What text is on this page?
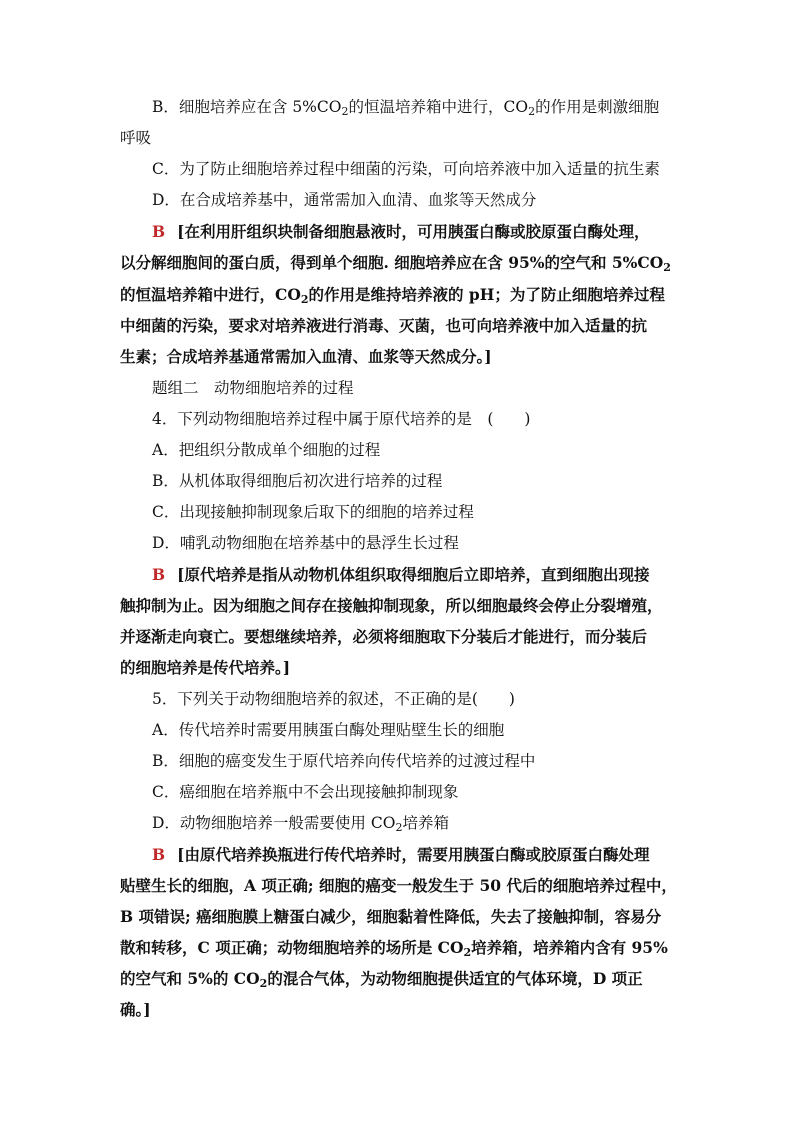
B．细胞培养应在含 $5\%CO_2$的恒温培养箱中进行，$CO_2$的作用是刺激细胞
呼吸
C．为了防止细胞培养过程中细菌的污染，可向培养液中加入适量的抗生素
D．在合成培养基中，通常需加入血清、血浆等天然成分
B [在利用肝组织块制备细胞悬液时，可用胰蛋白酶或胶原蛋白酶处理，
以分解细胞间的蛋白质，得到单个细胞. 细胞培养应在含 95%的空气和 $5\%CO_2$
的恒温培养箱中进行，$CO_2$的作用是维持培养液的 pH；为了防止细胞培养过程
中细菌的污染，要求对培养液进行消毒、灭菌，也可向培养液中加入适量的抗
生素；合成培养基通常需加入血清、血浆等天然成分。]
题组二　动物细胞培养的过程
4．下列动物细胞培养过程中属于原代培养的是　(　　)
A．把组织分散成单个细胞的过程
B．从机体取得细胞后初次进行培养的过程
C．出现接触抑制现象后取下的细胞的培养过程
D．哺乳动物细胞在培养基中的悬浮生长过程
B [原代培养是指从动物机体组织取得细胞后立即培养，直到细胞出现接
触抑制为止。因为细胞之间存在接触抑制现象，所以细胞最终会停止分裂增殖，
并逐渐走向衰亡。要想继续培养，必须将细胞取下分装后才能进行，而分装后
的细胞培养是传代培养。]
5．下列关于动物细胞培养的叙述，不正确的是(　　)
A．传代培养时需要用胰蛋白酶处理贴壁生长的细胞
B．细胞的癌变发生于原代培养向传代培养的过渡过程中
C．癌细胞在培养瓶中不会出现接触抑制现象
D．动物细胞培养一般需要使用 $CO_2$培养箱
B [由原代培养换瓶进行传代培养时，需要用胰蛋白酶或胶原蛋白酶处理
贴壁生长的细胞，A 项正确; 细胞的癌变一般发生于 50 代后的细胞培养过程中，
B 项错误; 癌细胞膜上糖蛋白减少，细胞黏着性降低，失去了接触抑制，容易分
散和转移，C 项正确；动物细胞培养的场所是 $CO_2$培养箱，培养箱内含有 95%
的空气和 5%的 $CO_2$的混合气体，为动物细胞提供适宜的气体环境，D 项正
确。]
